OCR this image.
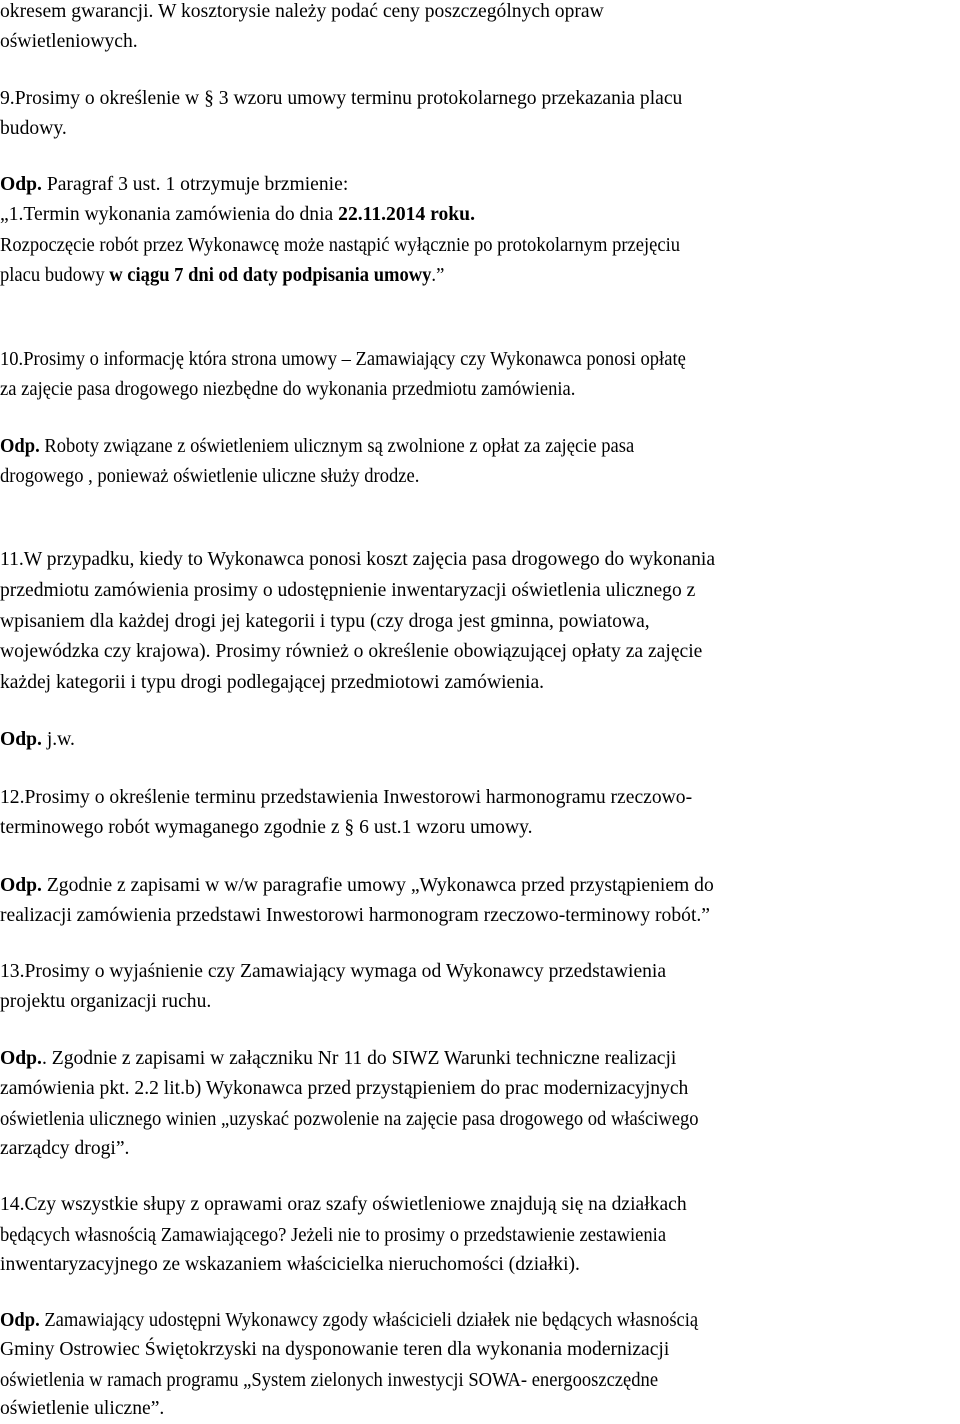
okresem gwarancji. W kosztorysie należy podać ceny poszczególnych opraw
oświetleniowych.
9.Prosimy o określenie w § 3 wzoru umowy terminu protokolarnego przekazania placu
budowy.
Odp. Paragraf 3 ust. 1 otrzymuje brzmienie:
„1.Termin wykonania zamówienia do dnia 22.11.2014 roku.
Rozpoczęcie robót przez Wykonawcę może nastąpić wyłącznie po protokolarnym przejęciu
placu budowy w ciągu 7 dni od daty podpisania umowy.”
10.Prosimy o informację która strona umowy – Zamawiający czy Wykonawca ponosi opłatę
za zajęcie pasa drogowego niezbędne do wykonania przedmiotu zamówienia.
Odp. Roboty związane z oświetleniem ulicznym są zwolnione z opłat za zajęcie pasa
drogowego , ponieważ oświetlenie uliczne służy drodze.
11.W przypadku, kiedy to Wykonawca ponosi koszt zajęcia pasa drogowego do wykonania
przedmiotu zamówienia prosimy o udostępnienie inwentaryzacji oświetlenia ulicznego z
wpisaniem dla każdej drogi jej kategorii i typu (czy droga jest gminna, powiatowa,
wojewódzka czy krajowa). Prosimy również o określenie obowiązującej opłaty za zajęcie
każdej kategorii i typu drogi podlegającej przedmiotowi zamówienia.
Odp. j.w.
12.Prosimy o określenie terminu przedstawienia Inwestorowi harmonogramu rzeczowo-
terminowego robót wymaganego zgodnie z § 6 ust.1 wzoru umowy.
Odp. Zgodnie z zapisami w w/w paragrafie umowy „Wykonawca przed przystąpieniem do
realizacji zamówienia przedstawi Inwestorowi harmonogram rzeczowo-terminowy robót.”
13.Prosimy o wyjaśnienie czy Zamawiający wymaga od Wykonawcy przedstawienia
projektu organizacji ruchu.
Odp.. Zgodnie z zapisami w załączniku Nr 11 do SIWZ Warunki techniczne realizacji
zamówienia pkt. 2.2 lit.b) Wykonawca przed przystąpieniem do prac modernizacyjnych
oświetlenia ulicznego winien „uzyskać pozwolenie na zajęcie pasa drogowego od właściwego
zarządcy drogi”.
14.Czy wszystkie słupy z oprawami oraz szafy oświetleniowe znajdują się na działkach
będących własnością Zamawiającego? Jeżeli nie to prosimy o przedstawienie zestawienia
inwentaryzacyjnego ze wskazaniem właścicielka nieruchomości (działki).
Odp. Zamawiający udostępni Wykonawcy zgody właścicieli działek nie będących własnością
Gminy Ostrowiec Świętokrzyski na dysponowanie teren dla wykonania modernizacji
oświetlenia w ramach programu „System zielonych inwestycji SOWA- energooszczędne
oświetlenie uliczne”.
